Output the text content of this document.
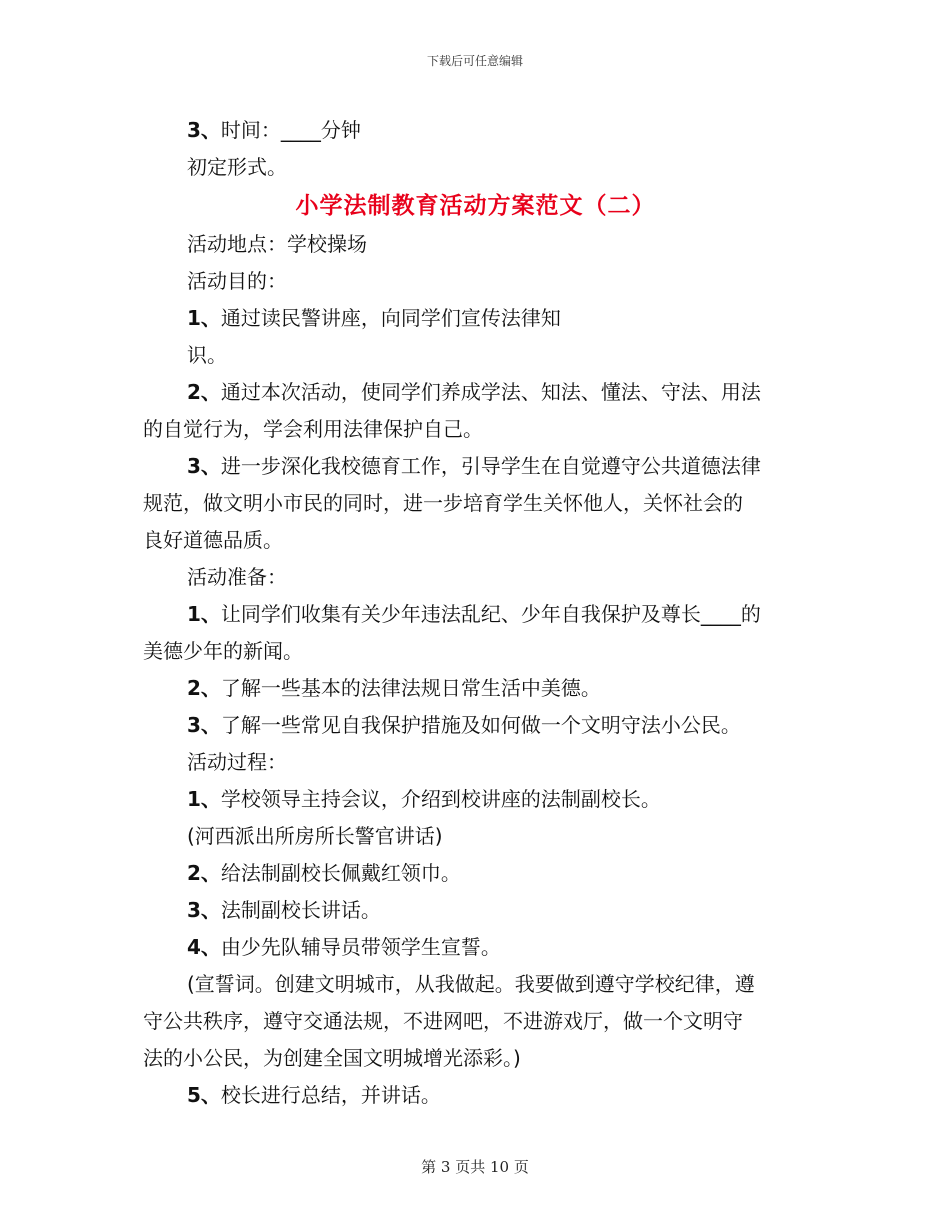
下载后可任意编辑
3、时间：____分钟
初定形式。
小学法制教育活动方案范文（二）
活动地点：学校操场
活动目的：
1、通过读民警讲座，向同学们宣传法律知
识。
2、通过本次活动，使同学们养成学法、知法、懂法、守法、用法
的自觉行为，学会利用法律保护自己。
3、进一步深化我校德育工作，引导学生在自觉遵守公共道德法律
规范，做文明小市民的同时，进一步培育学生关怀他人，关怀社会的
良好道德品质。
活动准备：
1、让同学们收集有关少年违法乱纪、少年自我保护及尊长____的
美德少年的新闻。
2、了解一些基本的法律法规日常生活中美德。
3、了解一些常见自我保护措施及如何做一个文明守法小公民。
活动过程：
1、学校领导主持会议，介绍到校讲座的法制副校长。
(河西派出所房所长警官讲话)
2、给法制副校长佩戴红领巾。
3、法制副校长讲话。
4、由少先队辅导员带领学生宣誓。
(宣誓词。创建文明城市，从我做起。我要做到遵守学校纪律，遵
守公共秩序，遵守交通法规，不进网吧，不进游戏厅，做一个文明守
法的小公民，为创建全国文明城增光添彩。)
5、校长进行总结，并讲话。
第 3 页共 10 页
